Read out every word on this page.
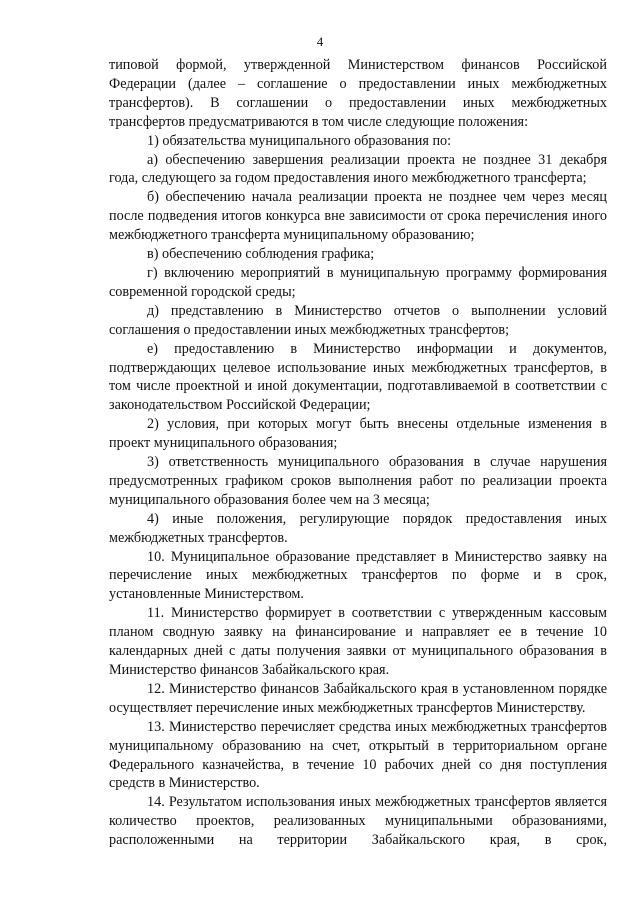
4

типовой формой, утвержденной Министерством финансов Российской Федерации (далее – соглашение о предоставлении иных межбюджетных трансфертов). В соглашении о предоставлении иных межбюджетных трансфертов предусматриваются в том числе следующие положения:

1) обязательства муниципального образования по:

а) обеспечению завершения реализации проекта не позднее 31 декабря года, следующего за годом предоставления иного межбюджетного трансферта;

б) обеспечению начала реализации проекта не позднее чем через месяц после подведения итогов конкурса вне зависимости от срока перечисления иного межбюджетного трансферта муниципальному образованию;

в) обеспечению соблюдения графика;

г) включению мероприятий в муниципальную программу формирования современной городской среды;

д) представлению в Министерство отчетов о выполнении условий соглашения о предоставлении иных межбюджетных трансфертов;

е) предоставлению в Министерство информации и документов, подтверждающих целевое использование иных межбюджетных трансфертов, в том числе проектной и иной документации, подготавливаемой в соответствии с законодательством Российской Федерации;

2) условия, при которых могут быть внесены отдельные изменения в проект муниципального образования;

3) ответственность муниципального образования в случае нарушения предусмотренных графиком сроков выполнения работ по реализации проекта муниципального образования более чем на 3 месяца;

4) иные положения, регулирующие порядок предоставления иных межбюджетных трансфертов.

10. Муниципальное образование представляет в Министерство заявку на перечисление иных межбюджетных трансфертов по форме и в срок, установленные Министерством.

11. Министерство формирует в соответствии с утвержденным кассовым планом сводную заявку на финансирование и направляет ее в течение 10 календарных дней с даты получения заявки от муниципального образования в Министерство финансов Забайкальского края.

12. Министерство финансов Забайкальского края в установленном порядке осуществляет перечисление иных межбюджетных трансфертов Министерству.

13. Министерство перечисляет средства иных межбюджетных трансфертов муниципальному образованию на счет, открытый в территориальном органе Федерального казначейства, в течение 10 рабочих дней со дня поступления средств в Министерство.

14. Результатом использования иных межбюджетных трансфертов является количество проектов, реализованных муниципальными образованиями, расположенными на территории Забайкальского края, в срок,
